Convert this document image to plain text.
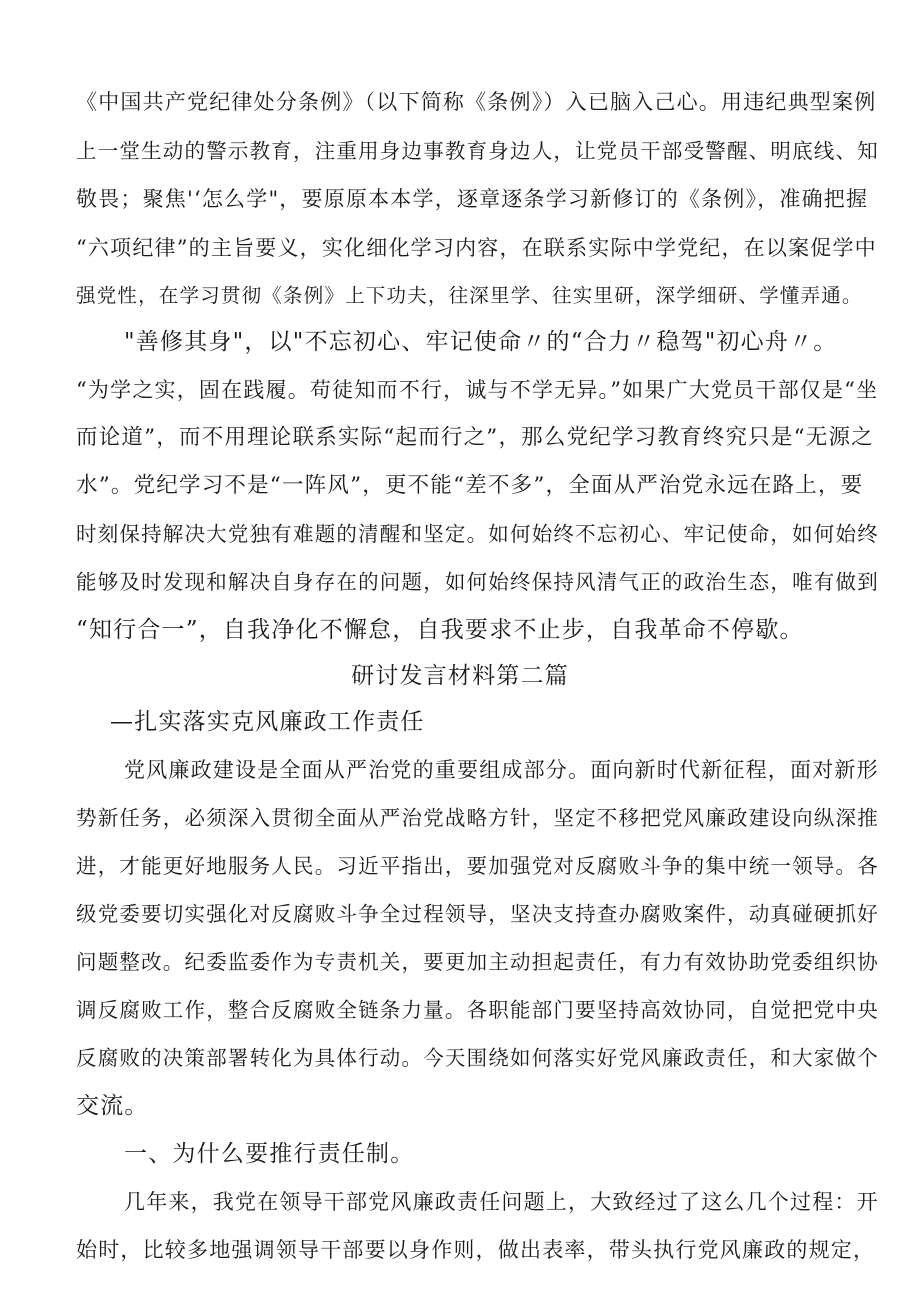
《中国共产党纪律处分条例》（以下简称《条例》）入已脑入己心。用违纪典型案例
上一堂生动的警示教育，注重用身边事教育身边人，让党员干部受警醒、明底线、知
敬畏；聚焦'‘怎么学"，要原原本本学，逐章逐条学习新修订的《条例》，准确把握
“六项纪律”的主旨要义，实化细化学习内容，在联系实际中学党纪，在以案促学中
强党性，在学习贯彻《条例》上下功夫，往深里学、往实里研，深学细研、学懂弄通。
"善修其身"，以"不忘初心、牢记使命〃的“合力〃稳驾"初心舟〃。
“为学之实，固在践履。苟徒知而不行，诚与不学无异。”如果广大党员干部仅是“坐
而论道”，而不用理论联系实际“起而行之”，那么党纪学习教育终究只是“无源之
水”。党纪学习不是“一阵风”，更不能“差不多”，全面从严治党永远在路上，要
时刻保持解决大党独有难题的清醒和坚定。如何始终不忘初心、牢记使命，如何始终
能够及时发现和解决自身存在的问题，如何始终保持风清气正的政治生态，唯有做到
“知行合一”，自我净化不懈怠，自我要求不止步，自我革命不停歇。
研讨发言材料第二篇
—扎实落实克风廉政工作责任
党风廉政建设是全面从严治党的重要组成部分。面向新时代新征程，面对新形
势新任务，必须深入贯彻全面从严治党战略方针，坚定不移把党风廉政建设向纵深推
进，才能更好地服务人民。习近平指出，要加强党对反腐败斗争的集中统一领导。各
级党委要切实强化对反腐败斗争全过程领导，坚决支持查办腐败案件，动真碰硬抓好
问题整改。纪委监委作为专责机关，要更加主动担起责任，有力有效协助党委组织协
调反腐败工作，整合反腐败全链条力量。各职能部门要坚持高效协同，自觉把党中央
反腐败的决策部署转化为具体行动。今天围绕如何落实好党风廉政责任，和大家做个
交流。
一、为什么要推行责任制。
几年来，我党在领导干部党风廉政责任问题上，大致经过了这么几个过程：开
始时，比较多地强调领导干部要以身作则，做出表率，带头执行党风廉政的规定，
